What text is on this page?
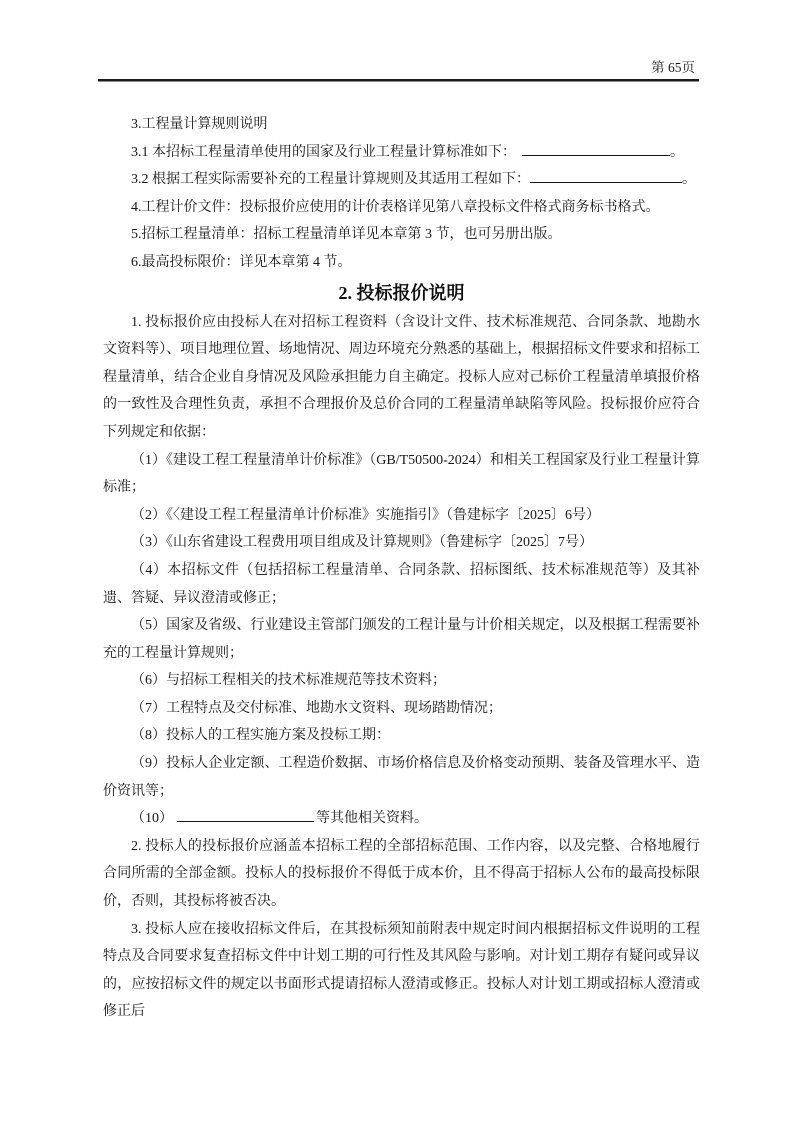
第 65页

3.工程量计算规则说明

3.1 本招标工程量清单使用的国家及行业工程量计算标准如下：	。

3.2 根据工程实际需要补充的工程量计算规则及其适用工程如下：	。

4.工程计价文件：投标报价应使用的计价表格详见第八章投标文件格式商务标书格式。

5.招标工程量清单：招标工程量清单详见本章第 3 节，也可另册出版。

6.最高投标限价：详见本章第 4 节。

2. 投标报价说明

1. 投标报价应由投标人在对招标工程资料（含设计文件、技术标准规范、合同条款、地勘水文资料等）、项目地理位置、场地情况、周边环境充分熟悉的基础上，根据招标文件要求和招标工程量清单，结合企业自身情况及风险承担能力自主确定。投标人应对己标价工程量清单填报价格的一致性及合理性负责，承担不合理报价及总价合同的工程量清单缺陷等风险。投标报价应符合下列规定和依据：

（1）《建设工程工程量清单计价标准》（GB/T50500-2024）和相关工程国家及行业工程量计算标准；

（2）《〈建设工程工程量清单计价标准》实施指引》（鲁建标字〔2025〕6号）

（3）《山东省建设工程费用项目组成及计算规则》（鲁建标字〔2025〕7号）

（4）本招标文件（包括招标工程量清单、合同条款、招标图纸、技术标准规范等）及其补遗、答疑、异议澄清或修正；

（5）国家及省级、行业建设主管部门颁发的工程计量与计价相关规定，以及根据工程需要补充的工程量计算规则；

（6）与招标工程相关的技术标准规范等技术资料；

（7）工程特点及交付标准、地勘水文资料、现场踏勘情况；

（8）投标人的工程实施方案及投标工期：

（9）投标人企业定额、工程造价数据、市场价格信息及价格变动预期、装备及管理水平、造价资讯等；

（10）	等其他相关资料。

2. 投标人的投标报价应涵盖本招标工程的全部招标范围、工作内容，以及完整、合格地履行合同所需的全部金额。投标人的投标报价不得低于成本价，且不得高于招标人公布的最高投标限价，否则，其投标将被否决。

3. 投标人应在接收招标文件后，在其投标须知前附表中规定时间内根据招标文件说明的工程特点及合同要求复查招标文件中计划工期的可行性及其风险与影响。对计划工期存有疑问或异议的，应按招标文件的规定以书面形式提请招标人澄清或修正。投标人对计划工期或招标人澄清或修正后
